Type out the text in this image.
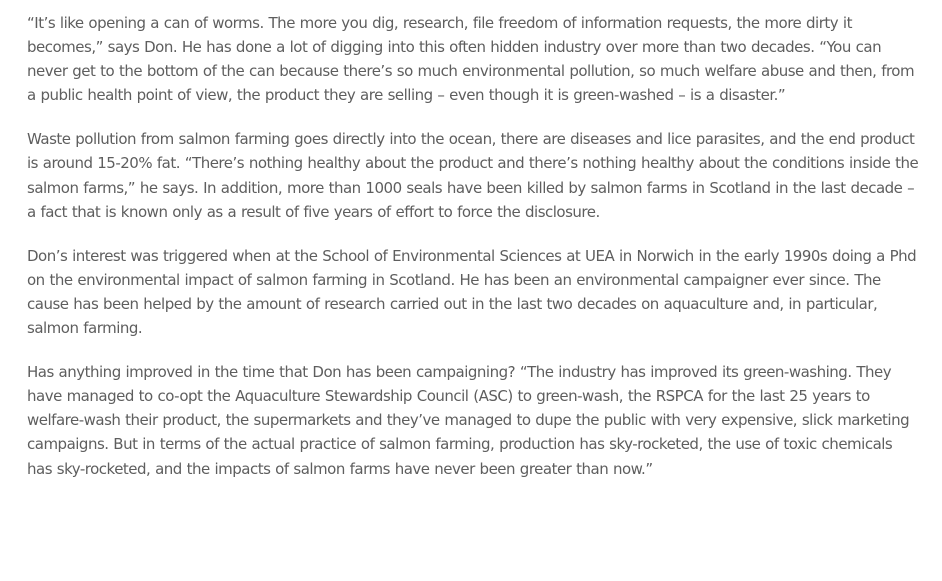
“It’s like opening a can of worms. The more you dig, research, file freedom of information requests, the more dirty it becomes,” says Don. He has done a lot of digging into this often hidden industry over more than two decades. “You can never get to the bottom of the can because there’s so much environmental pollution, so much welfare abuse and then, from a public health point of view, the product they are selling – even though it is green-washed – is a disaster.”

Waste pollution from salmon farming goes directly into the ocean, there are diseases and lice parasites, and the end product is around 15-20% fat. “There’s nothing healthy about the product and there’s nothing healthy about the conditions inside the salmon farms,” he says. In addition, more than 1000 seals have been killed by salmon farms in Scotland in the last decade – a fact that is known only as a result of five years of effort to force the disclosure.

Don’s interest was triggered when at the School of Environmental Sciences at UEA in Norwich in the early 1990s doing a Phd on the environmental impact of salmon farming in Scotland. He has been an environmental campaigner ever since. The cause has been helped by the amount of research carried out in the last two decades on aquaculture and, in particular, salmon farming.

Has anything improved in the time that Don has been campaigning? “The industry has improved its green-washing. They have managed to co-opt the Aquaculture Stewardship Council (ASC) to green-wash, the RSPCA for the last 25 years to welfare-wash their product, the supermarkets and they’ve managed to dupe the public with very expensive, slick marketing campaigns. But in terms of the actual practice of salmon farming, production has sky-rocketed, the use of toxic chemicals has sky-rocketed, and the impacts of salmon farms have never been greater than now.”
